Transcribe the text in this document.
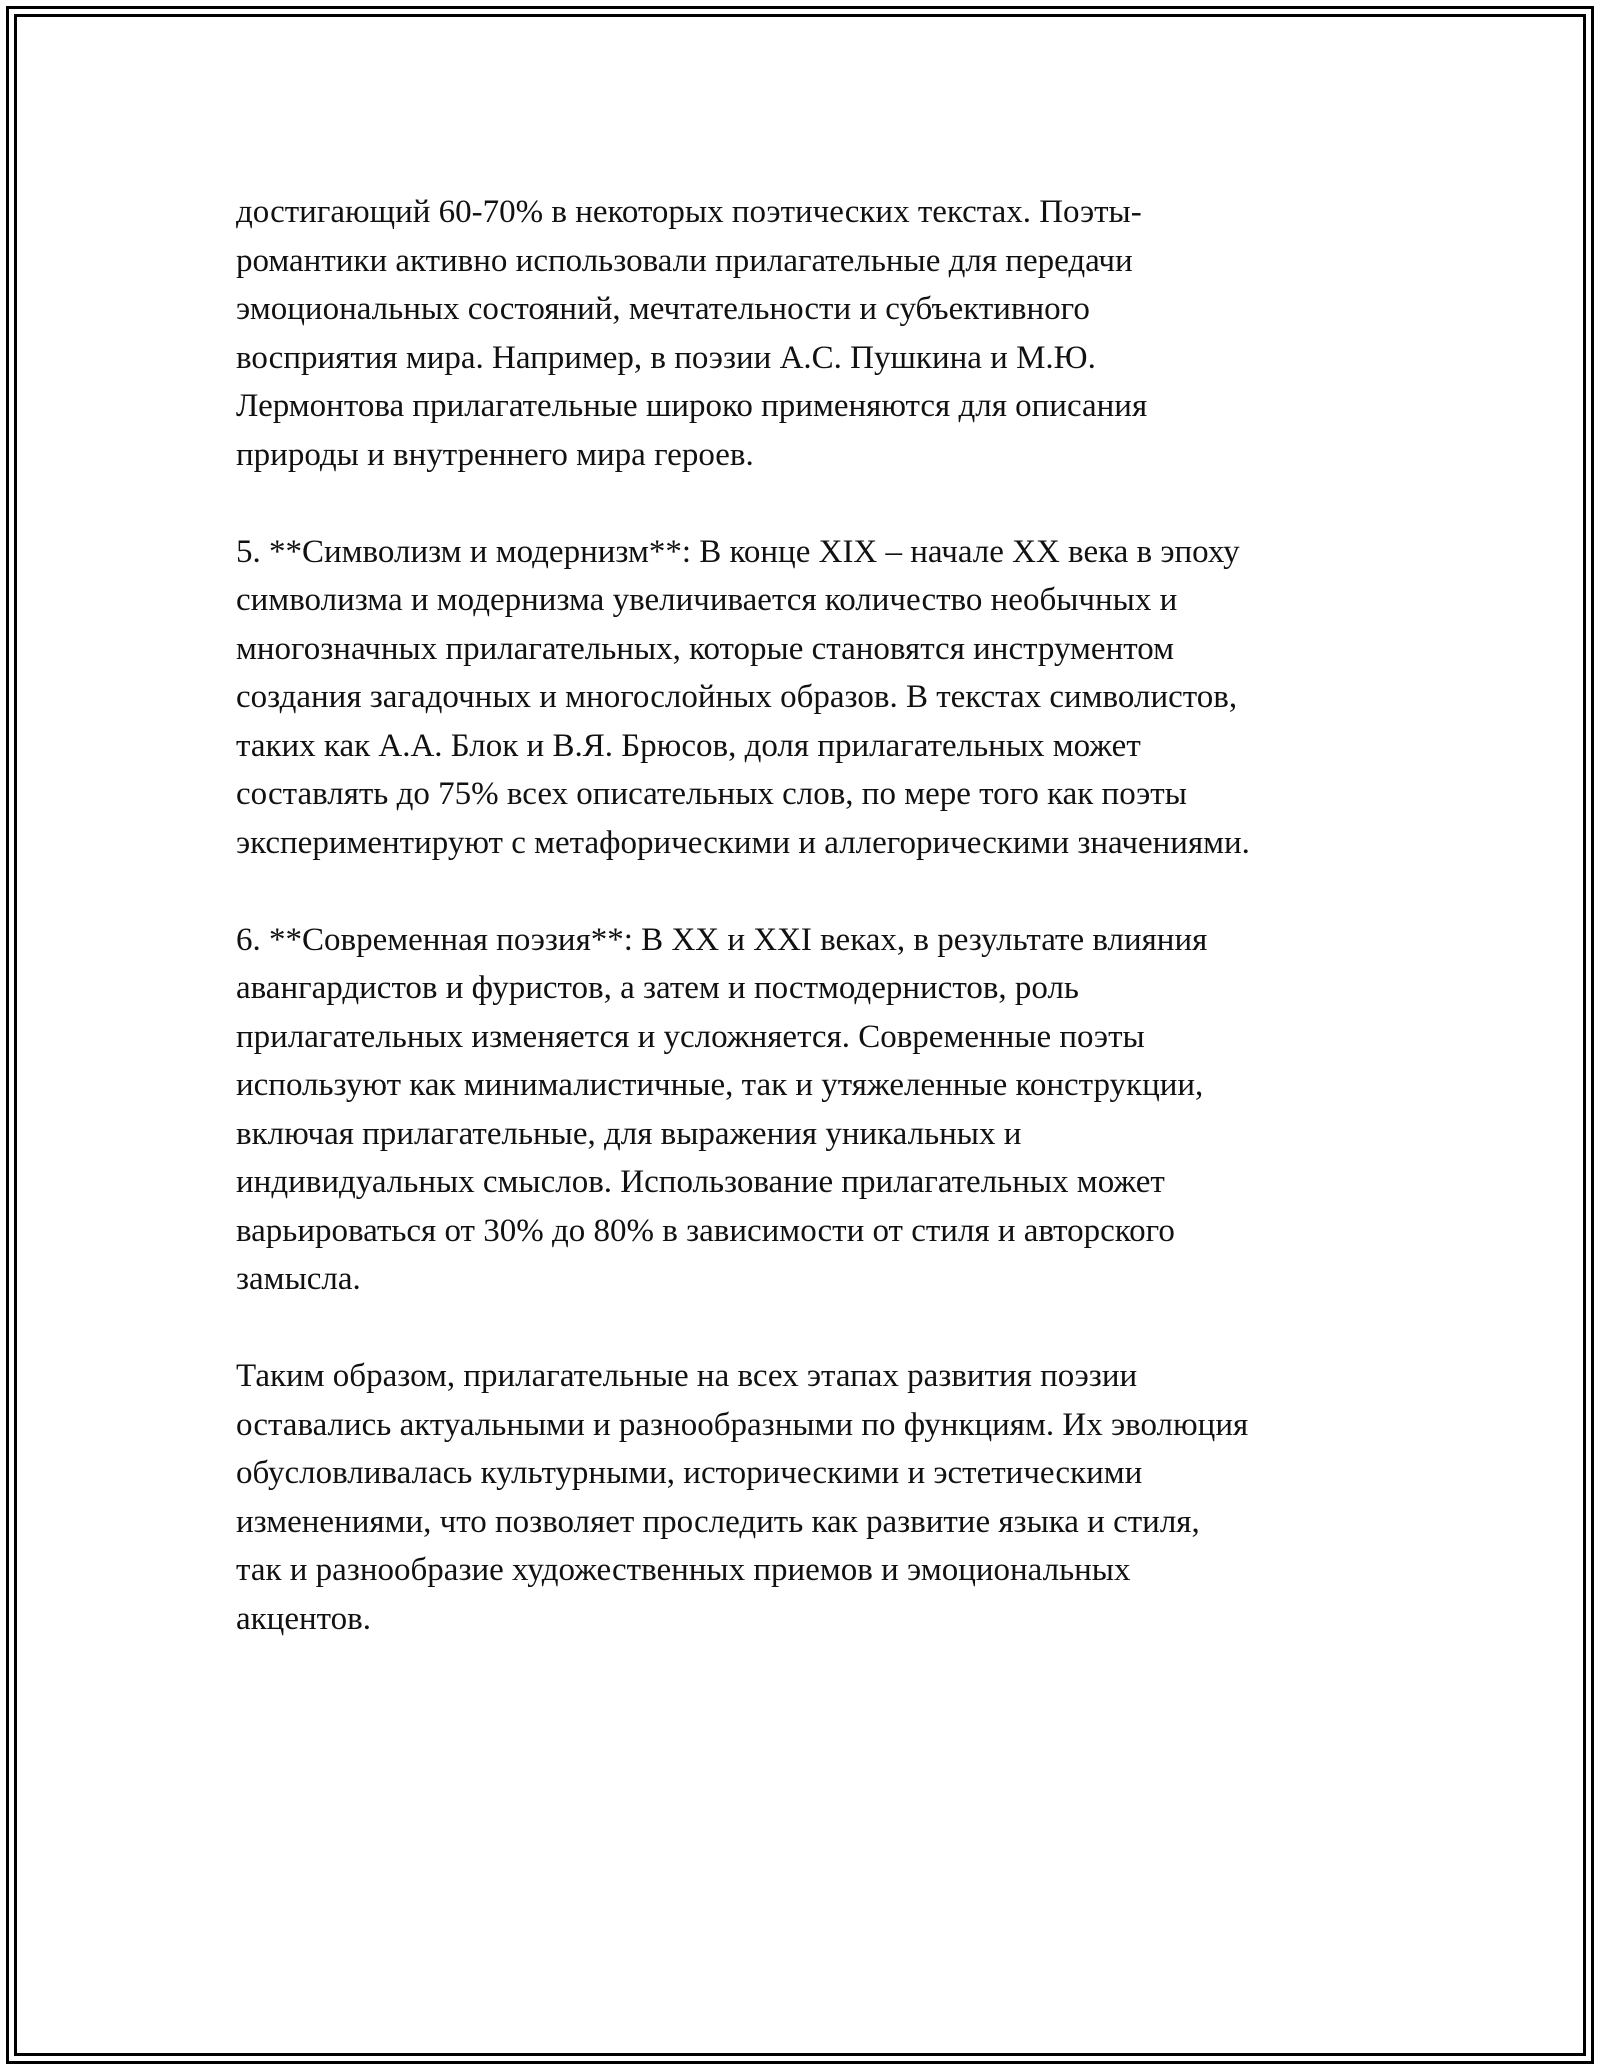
достигающий 60-70% в некоторых поэтических текстах. Поэты-
романтики активно использовали прилагательные для передачи
эмоциональных состояний, мечтательности и субъективного
восприятия мира. Например, в поэзии А.С. Пушкина и М.Ю.
Лермонтова прилагательные широко применяются для описания
природы и внутреннего мира героев.

5. **Символизм и модернизм**: В конце XIX – начале XX века в эпоху
символизма и модернизма увеличивается количество необычных и
многозначных прилагательных, которые становятся инструментом
создания загадочных и многослойных образов. В текстах символистов,
таких как А.А. Блок и В.Я. Брюсов, доля прилагательных может
составлять до 75% всех описательных слов, по мере того как поэты
экспериментируют с метафорическими и аллегорическими значениями.

6. **Современная поэзия**: В XX и XXI веках, в результате влияния
авангардистов и фуристов, а затем и постмодернистов, роль
прилагательных изменяется и усложняется. Современные поэты
используют как минималистичные, так и утяжеленные конструкции,
включая прилагательные, для выражения уникальных и
индивидуальных смыслов. Использование прилагательных может
варьироваться от 30% до 80% в зависимости от стиля и авторского
замысла.

Таким образом, прилагательные на всех этапах развития поэзии
оставались актуальными и разнообразными по функциям. Их эволюция
обусловливалась культурными, историческими и эстетическими
изменениями, что позволяет проследить как развитие языка и стиля,
так и разнообразие художественных приемов и эмоциональных
акцентов.
